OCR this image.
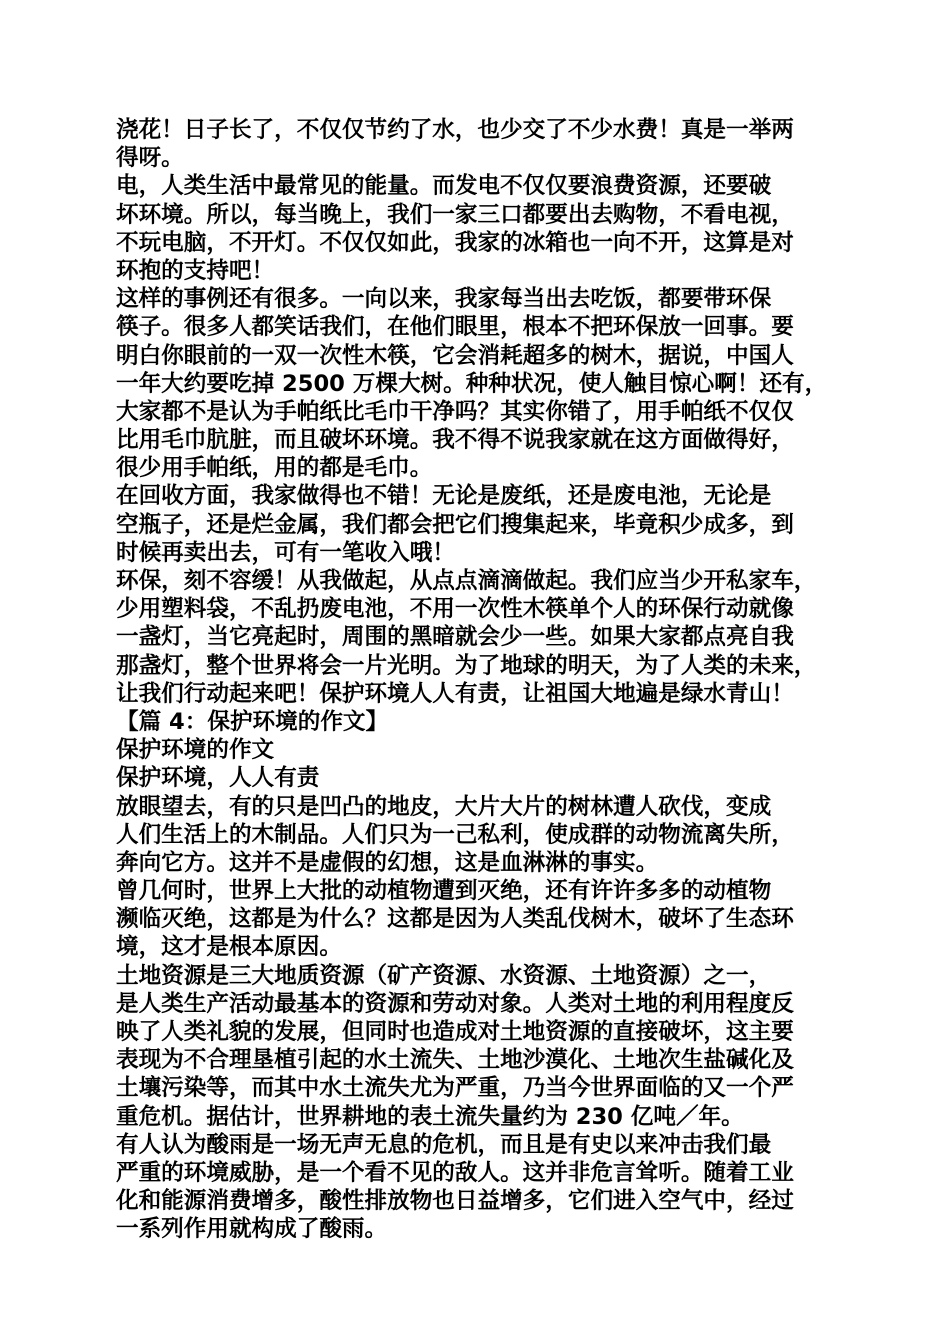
浇花！日子长了，不仅仅节约了水，也少交了不少水费！真是一举两
得呀。
电，人类生活中最常见的能量。而发电不仅仅要浪费资源，还要破
坏环境。所以，每当晚上，我们一家三口都要出去购物，不看电视，
不玩电脑，不开灯。不仅仅如此，我家的冰箱也一向不开，这算是对
环抱的支持吧！
这样的事例还有很多。一向以来，我家每当出去吃饭，都要带环保
筷子。很多人都笑话我们，在他们眼里，根本不把环保放一回事。要
明白你眼前的一双一次性木筷，它会消耗超多的树木，据说，中国人
一年大约要吃掉 2500 万棵大树。种种状况，使人触目惊心啊！还有，
大家都不是认为手帕纸比毛巾干净吗？其实你错了，用手帕纸不仅仅
比用毛巾肮脏，而且破坏环境。我不得不说我家就在这方面做得好，
很少用手帕纸，用的都是毛巾。
在回收方面，我家做得也不错！无论是废纸，还是废电池，无论是
空瓶子，还是烂金属，我们都会把它们搜集起来，毕竟积少成多，到
时候再卖出去，可有一笔收入哦！
环保，刻不容缓！从我做起，从点点滴滴做起。我们应当少开私家车，
少用塑料袋，不乱扔废电池，不用一次性木筷单个人的环保行动就像
一盏灯，当它亮起时，周围的黑暗就会少一些。如果大家都点亮自我
那盏灯，整个世界将会一片光明。为了地球的明天，为了人类的未来，
让我们行动起来吧！保护环境人人有责，让祖国大地遍是绿水青山！
【篇 4：保护环境的作文】
保护环境的作文
保护环境，人人有责
放眼望去，有的只是凹凸的地皮，大片大片的树林遭人砍伐，变成
人们生活上的木制品。人们只为一己私利，使成群的动物流离失所，
奔向它方。这并不是虚假的幻想，这是血淋淋的事实。
曾几何时，世界上大批的动植物遭到灭绝，还有许许多多的动植物
濒临灭绝，这都是为什么？这都是因为人类乱伐树木，破坏了生态环
境，这才是根本原因。
土地资源是三大地质资源（矿产资源、水资源、土地资源）之一，
是人类生产活动最基本的资源和劳动对象。人类对土地的利用程度反
映了人类礼貌的发展，但同时也造成对土地资源的直接破坏，这主要
表现为不合理垦植引起的水土流失、土地沙漠化、土地次生盐碱化及
土壤污染等，而其中水土流失尤为严重，乃当今世界面临的又一个严
重危机。据估计，世界耕地的表土流失量约为 230 亿吨／年。
有人认为酸雨是一场无声无息的危机，而且是有史以来冲击我们最
严重的环境威胁，是一个看不见的敌人。这并非危言耸听。随着工业
化和能源消费增多，酸性排放物也日益增多，它们进入空气中，经过
一系列作用就构成了酸雨。
